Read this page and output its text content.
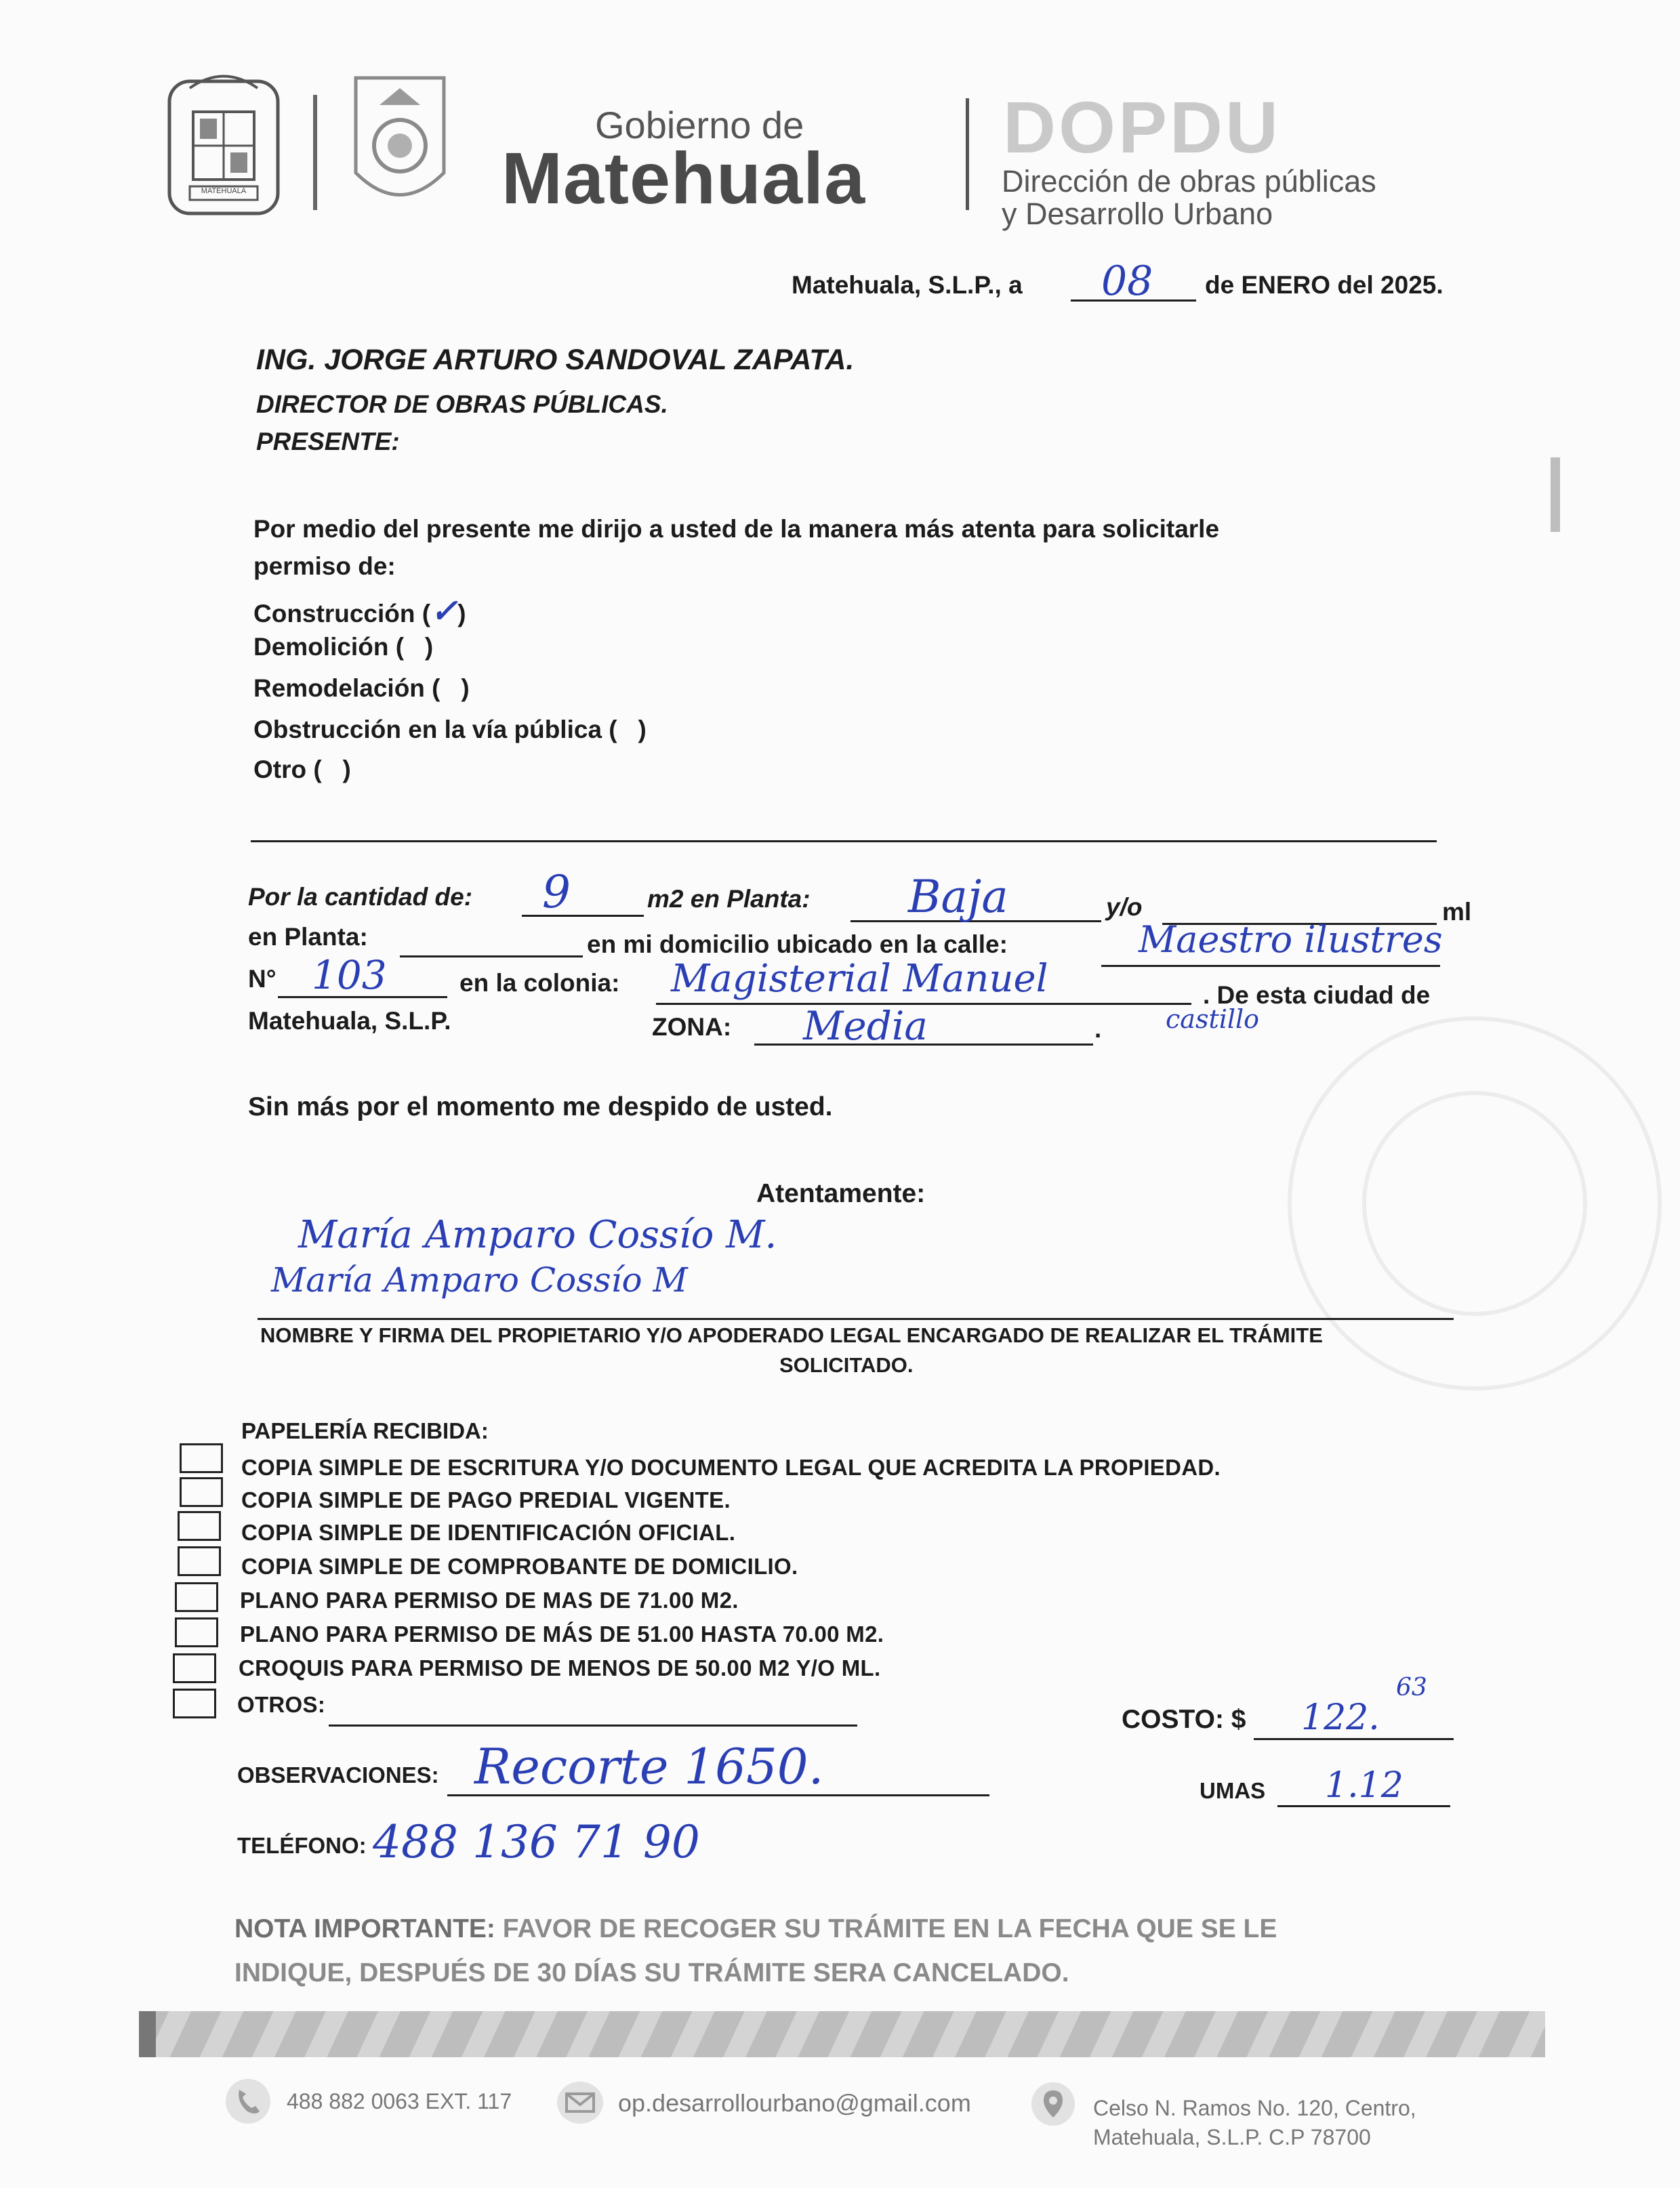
MATEHUALA
Gobierno de
Matehuala
DOPDU
Dirección de obras públicas
y Desarrollo Urbano
Matehuala, S.L.P., a 08 de ENERO del 2025.
ING. JORGE ARTURO SANDOVAL ZAPATA.
DIRECTOR DE OBRAS PÚBLICAS.
PRESENTE:
Por medio del presente me dirijo a usted de la manera más atenta para solicitarle
permiso de:
Construcción (✓)
Demolición ( )
Remodelación ( )
Obstrucción en la vía pública ( )
Otro ( )
Por la cantidad de: 9	m2 en Planta: Baja	y/o	ml
en Planta:	en mi domicilio ubicado en la calle:	Maestro ilustres
N° 103	en la colonia: Magisterial Manuel
castillo
. De esta ciudad de
Matehuala, S.L.P.	ZONA: Media	.
Sin más por el momento me despido de usted.
Atentamente:
María Amparo Cossío M.
María Amparo Cossío M
NOMBRE Y FIRMA DEL PROPIETARIO Y/O APODERADO LEGAL ENCARGADO DE REALIZAR EL TRÁMITE
SOLICITADO.
PAPELERÍA RECIBIDA:
COPIA SIMPLE DE ESCRITURA Y/O DOCUMENTO LEGAL QUE ACREDITA LA PROPIEDAD.
COPIA SIMPLE DE PAGO PREDIAL VIGENTE.
COPIA SIMPLE DE IDENTIFICACIÓN OFICIAL.
COPIA SIMPLE DE COMPROBANTE DE DOMICILIO.
PLANO PARA PERMISO DE MAS DE 71.00 M2.
PLANO PARA PERMISO DE MÁS DE 51.00 HASTA 70.00 M2.
CROQUIS PARA PERMISO DE MENOS DE 50.00 M2 Y/O ML.
OTROS:
COSTO: $ 122.
63
OBSERVACIONES: Recorte 1650.	UMAS 1.12
TELÉFONO: 488 136 71 90
NOTA IMPORTANTE: FAVOR DE RECOGER SU TRÁMITE EN LA FECHA QUE SE LE
INDIQUE, DESPUÉS DE 30 DÍAS SU TRÁMITE SERA CANCELADO.
488 882 0063 EXT. 117	op.desarrollourbano@gmail.com	Celso N. Ramos No. 120, Centro,
Matehuala, S.L.P. C.P 78700
